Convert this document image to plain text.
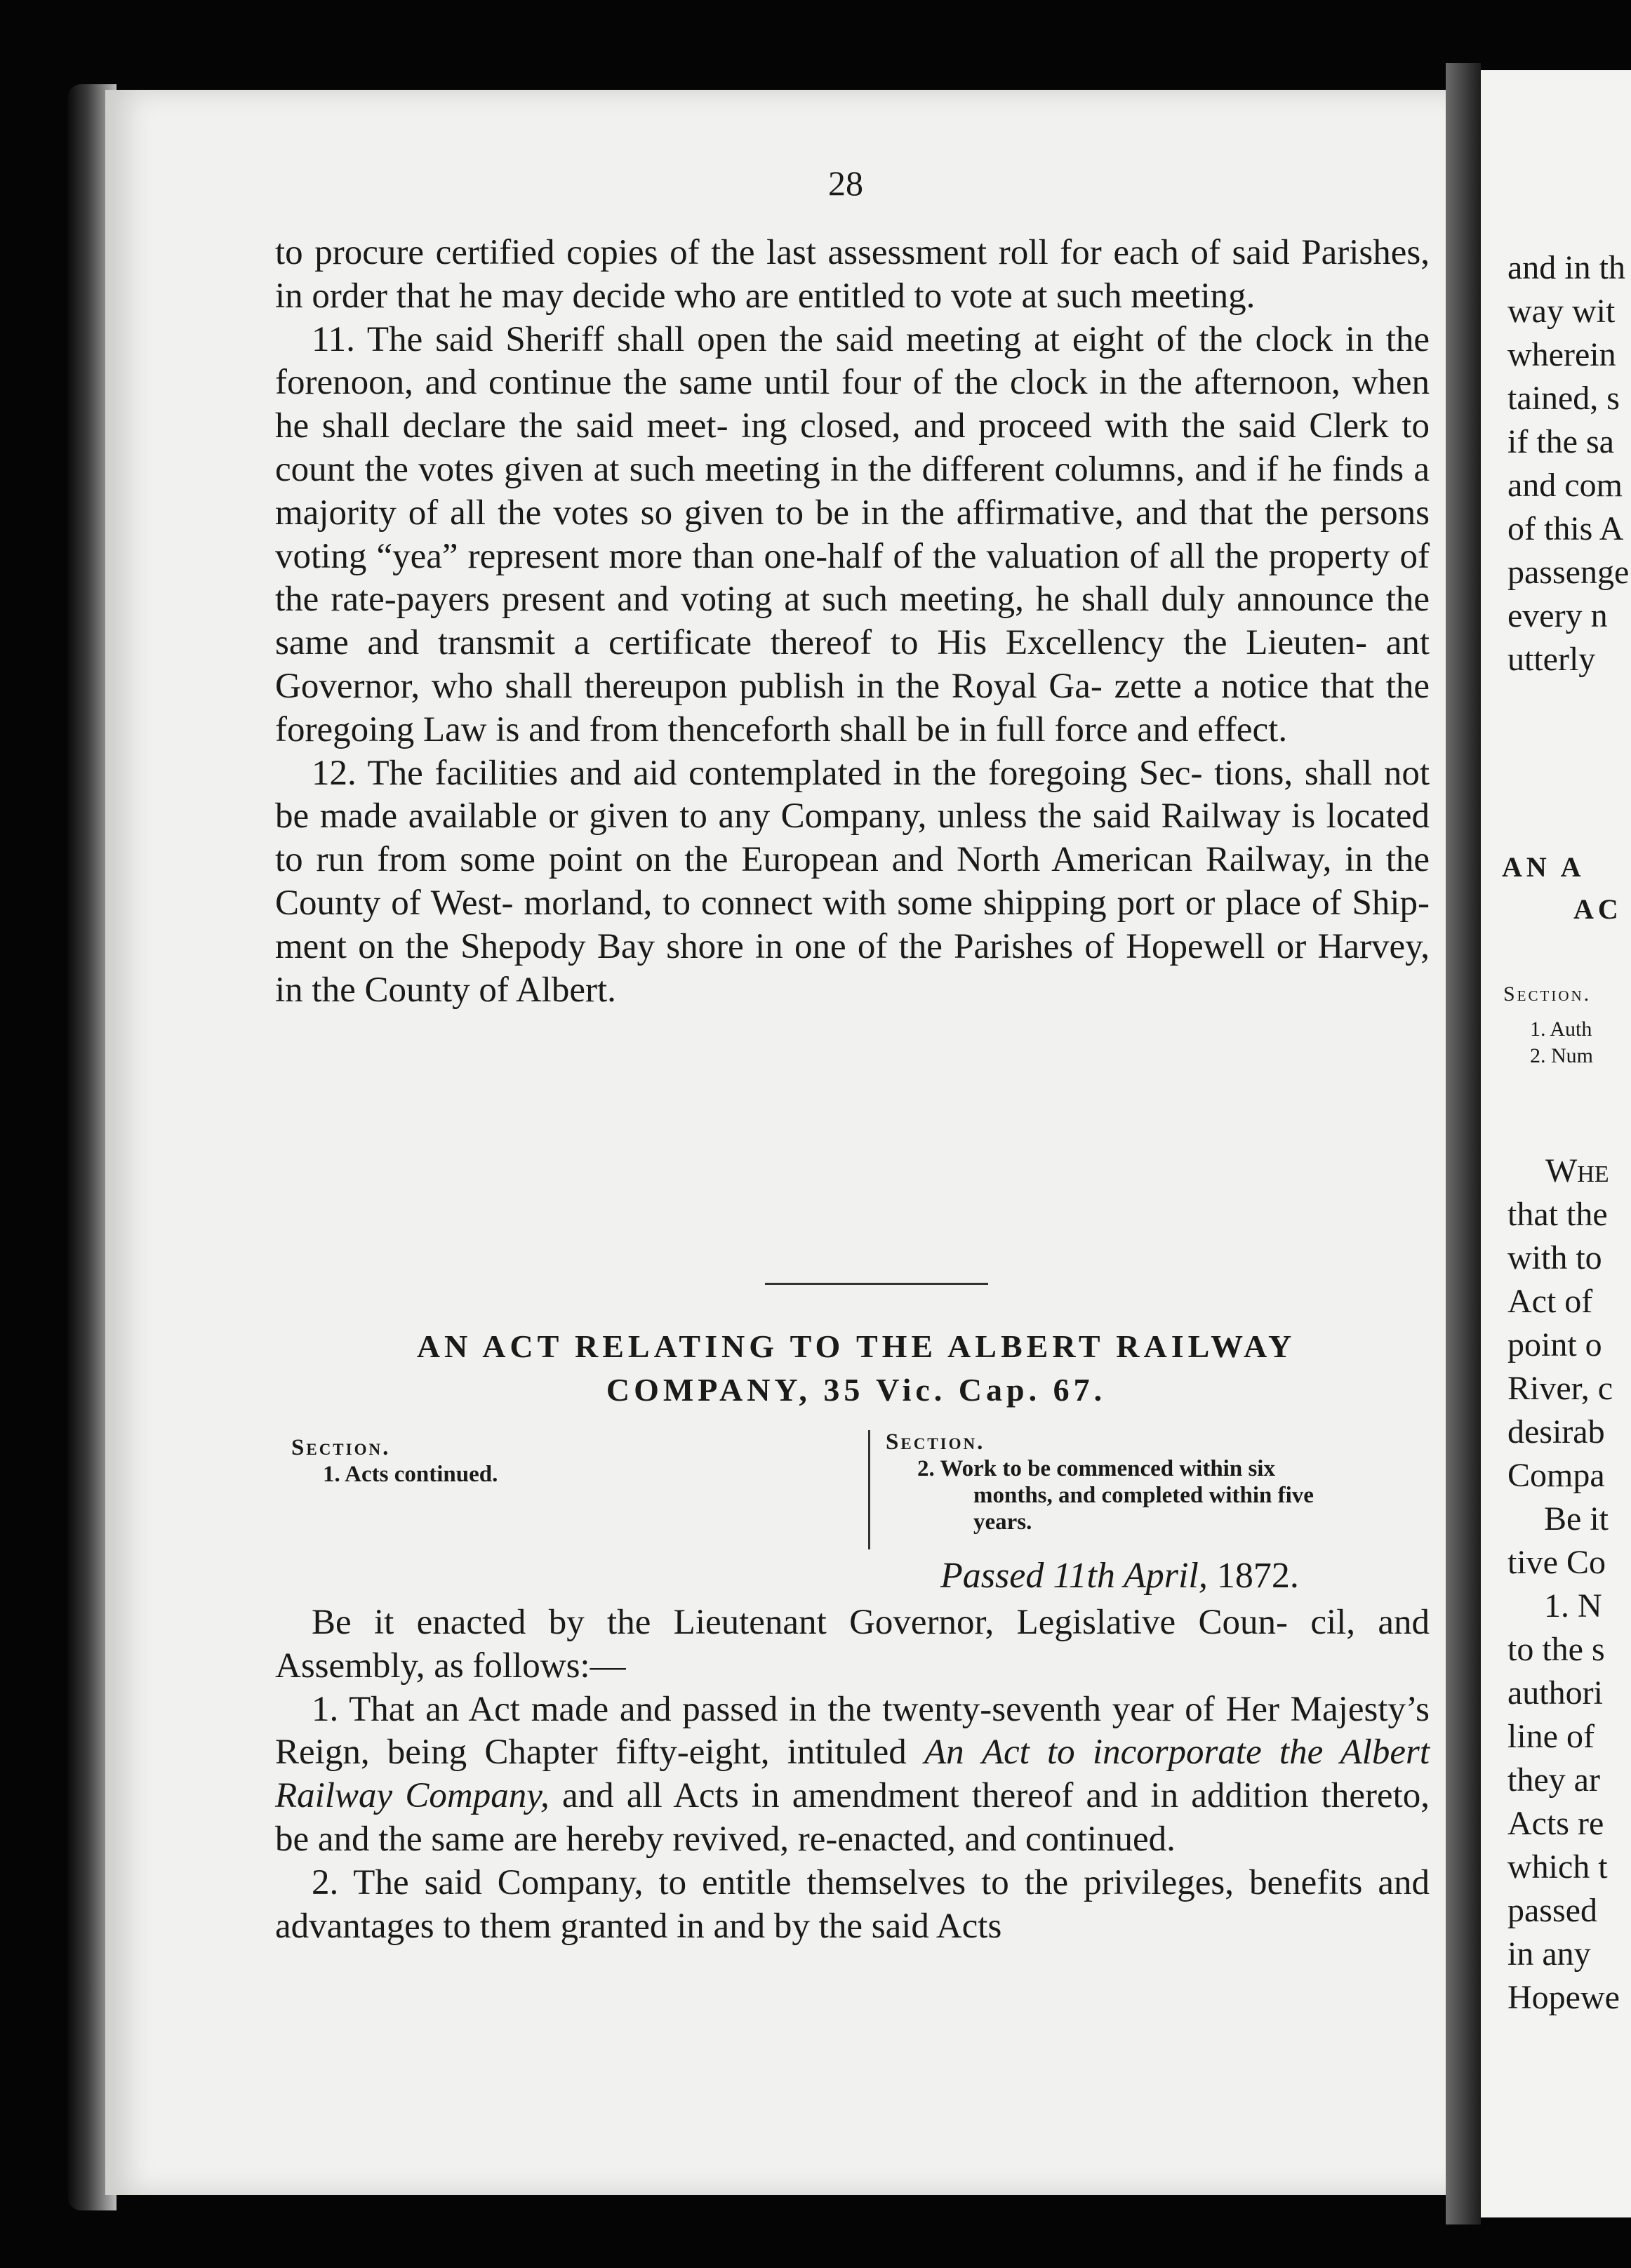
28

to procure certified copies of the last assessment roll for each of said Parishes, in order that he may decide who are entitled to vote at such meeting.

11. The said Sheriff shall open the said meeting at eight of the clock in the forenoon, and continue the same until four of the clock in the afternoon, when he shall declare the said meet- ing closed, and proceed with the said Clerk to count the votes given at such meeting in the different columns, and if he finds a majority of all the votes so given to be in the affirmative, and that the persons voting “yea” represent more than one-half of the valuation of all the property of the rate-payers present and voting at such meeting, he shall duly announce the same and transmit a certificate thereof to His Excellency the Lieuten- ant Governor, who shall thereupon publish in the Royal Ga- zette a notice that the foregoing Law is and from thenceforth shall be in full force and effect.

12. The facilities and aid contemplated in the foregoing Sec- tions, shall not be made available or given to any Company, unless the said Railway is located to run from some point on the European and North American Railway, in the County of West- morland, to connect with some shipping port or place of Ship- ment on the Shepody Bay shore in one of the Parishes of Hopewell or Harvey, in the County of Albert.

AN ACT RELATING TO THE ALBERT RAILWAY
COMPANY, 35 Vic. Cap. 67.
Section.
1. Acts continued.
Section.
2. Work to be commenced within six
months, and completed within five
years.
Passed 11th April, 1872.

Be it enacted by the Lieutenant Governor, Legislative Coun- cil, and Assembly, as follows:—

1. That an Act made and passed in the twenty-seventh year of Her Majesty’s Reign, being Chapter fifty-eight, intituled An Act to incorporate the Albert Railway Company, and all Acts in amendment thereof and in addition thereto, be and the same are hereby revived, re-enacted, and continued.

2. The said Company, to entitle themselves to the privileges, benefits and advantages to them granted in and by the said Acts

and in th
way wit
wherein
tained, s
if the sa
and com
of this A
passenge
every n
utterly
AN A
AC
Section.
1. Auth
2. Num
Whe
that the
with to
Act of
point o
River, c
desirab
Compa
Be it
tive Co
1. N
to the s
authori
line of
they ar
Acts re
which t
passed
in any
Hopewe
